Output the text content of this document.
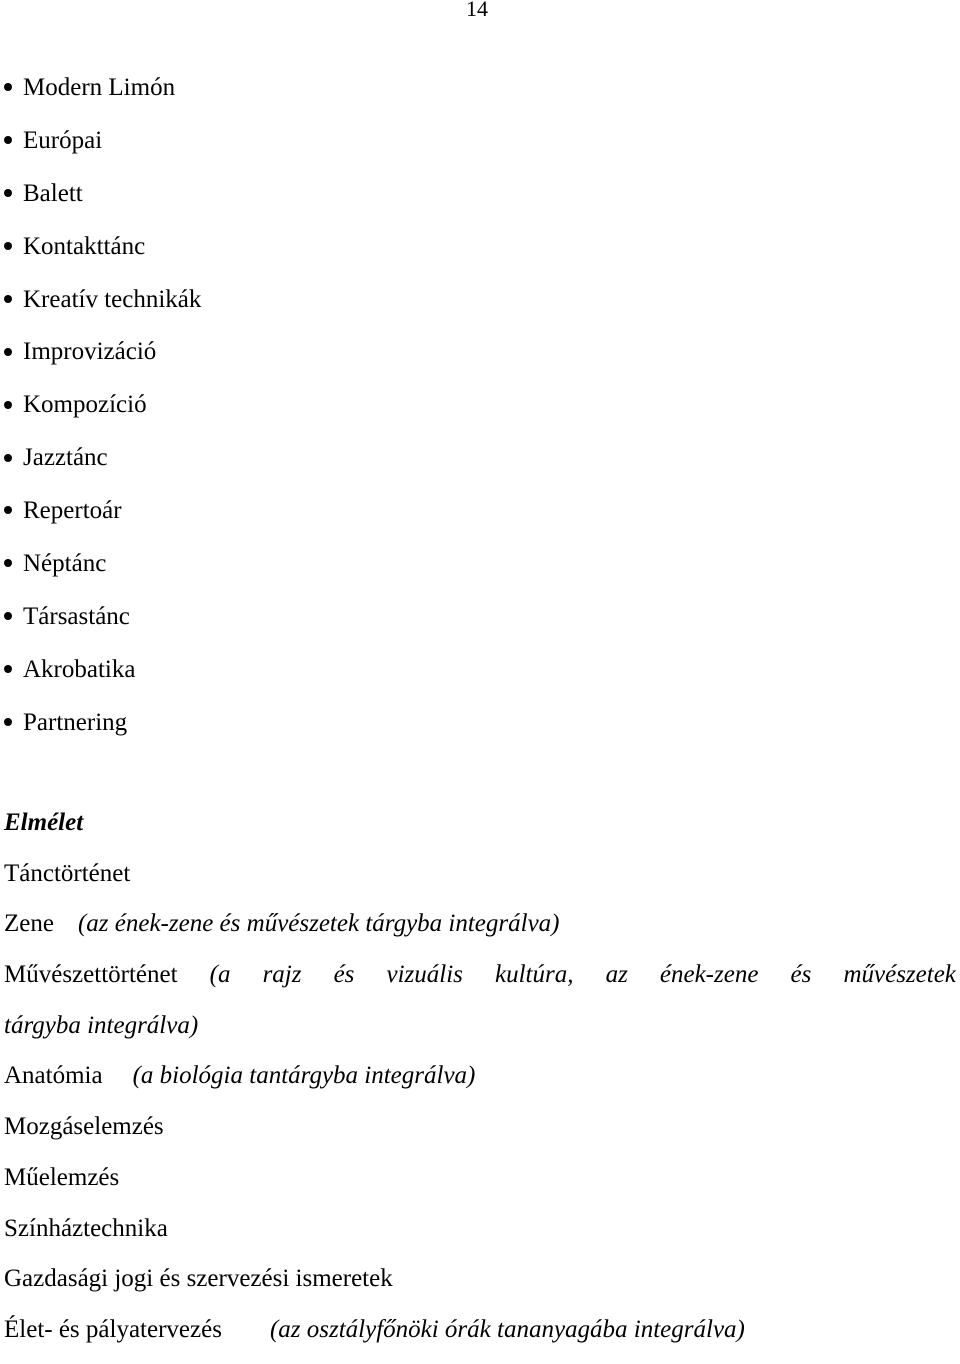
14
Modern Limón
Európai
Balett
Kontakttánc
Kreatív technikák
Improvizáció
Kompozíció
Jazztánc
Repertoár
Néptánc
Társastánc
Akrobatika
Partnering
Elmélet
Tánctörténet
Zene (az ének-zene és művészetek tárgyba integrálva)
Művészettörténet (a rajz és vizuális kultúra, az ének-zene és művészetek
tárgyba integrálva)
Anatómia (a biológia tantárgyba integrálva)
Mozgáselemzés
Műelemzés
Színháztechnika
Gazdasági jogi és szervezési ismeretek
Élet- és pályatervezés (az osztályfőnöki órák tananyagába integrálva)
